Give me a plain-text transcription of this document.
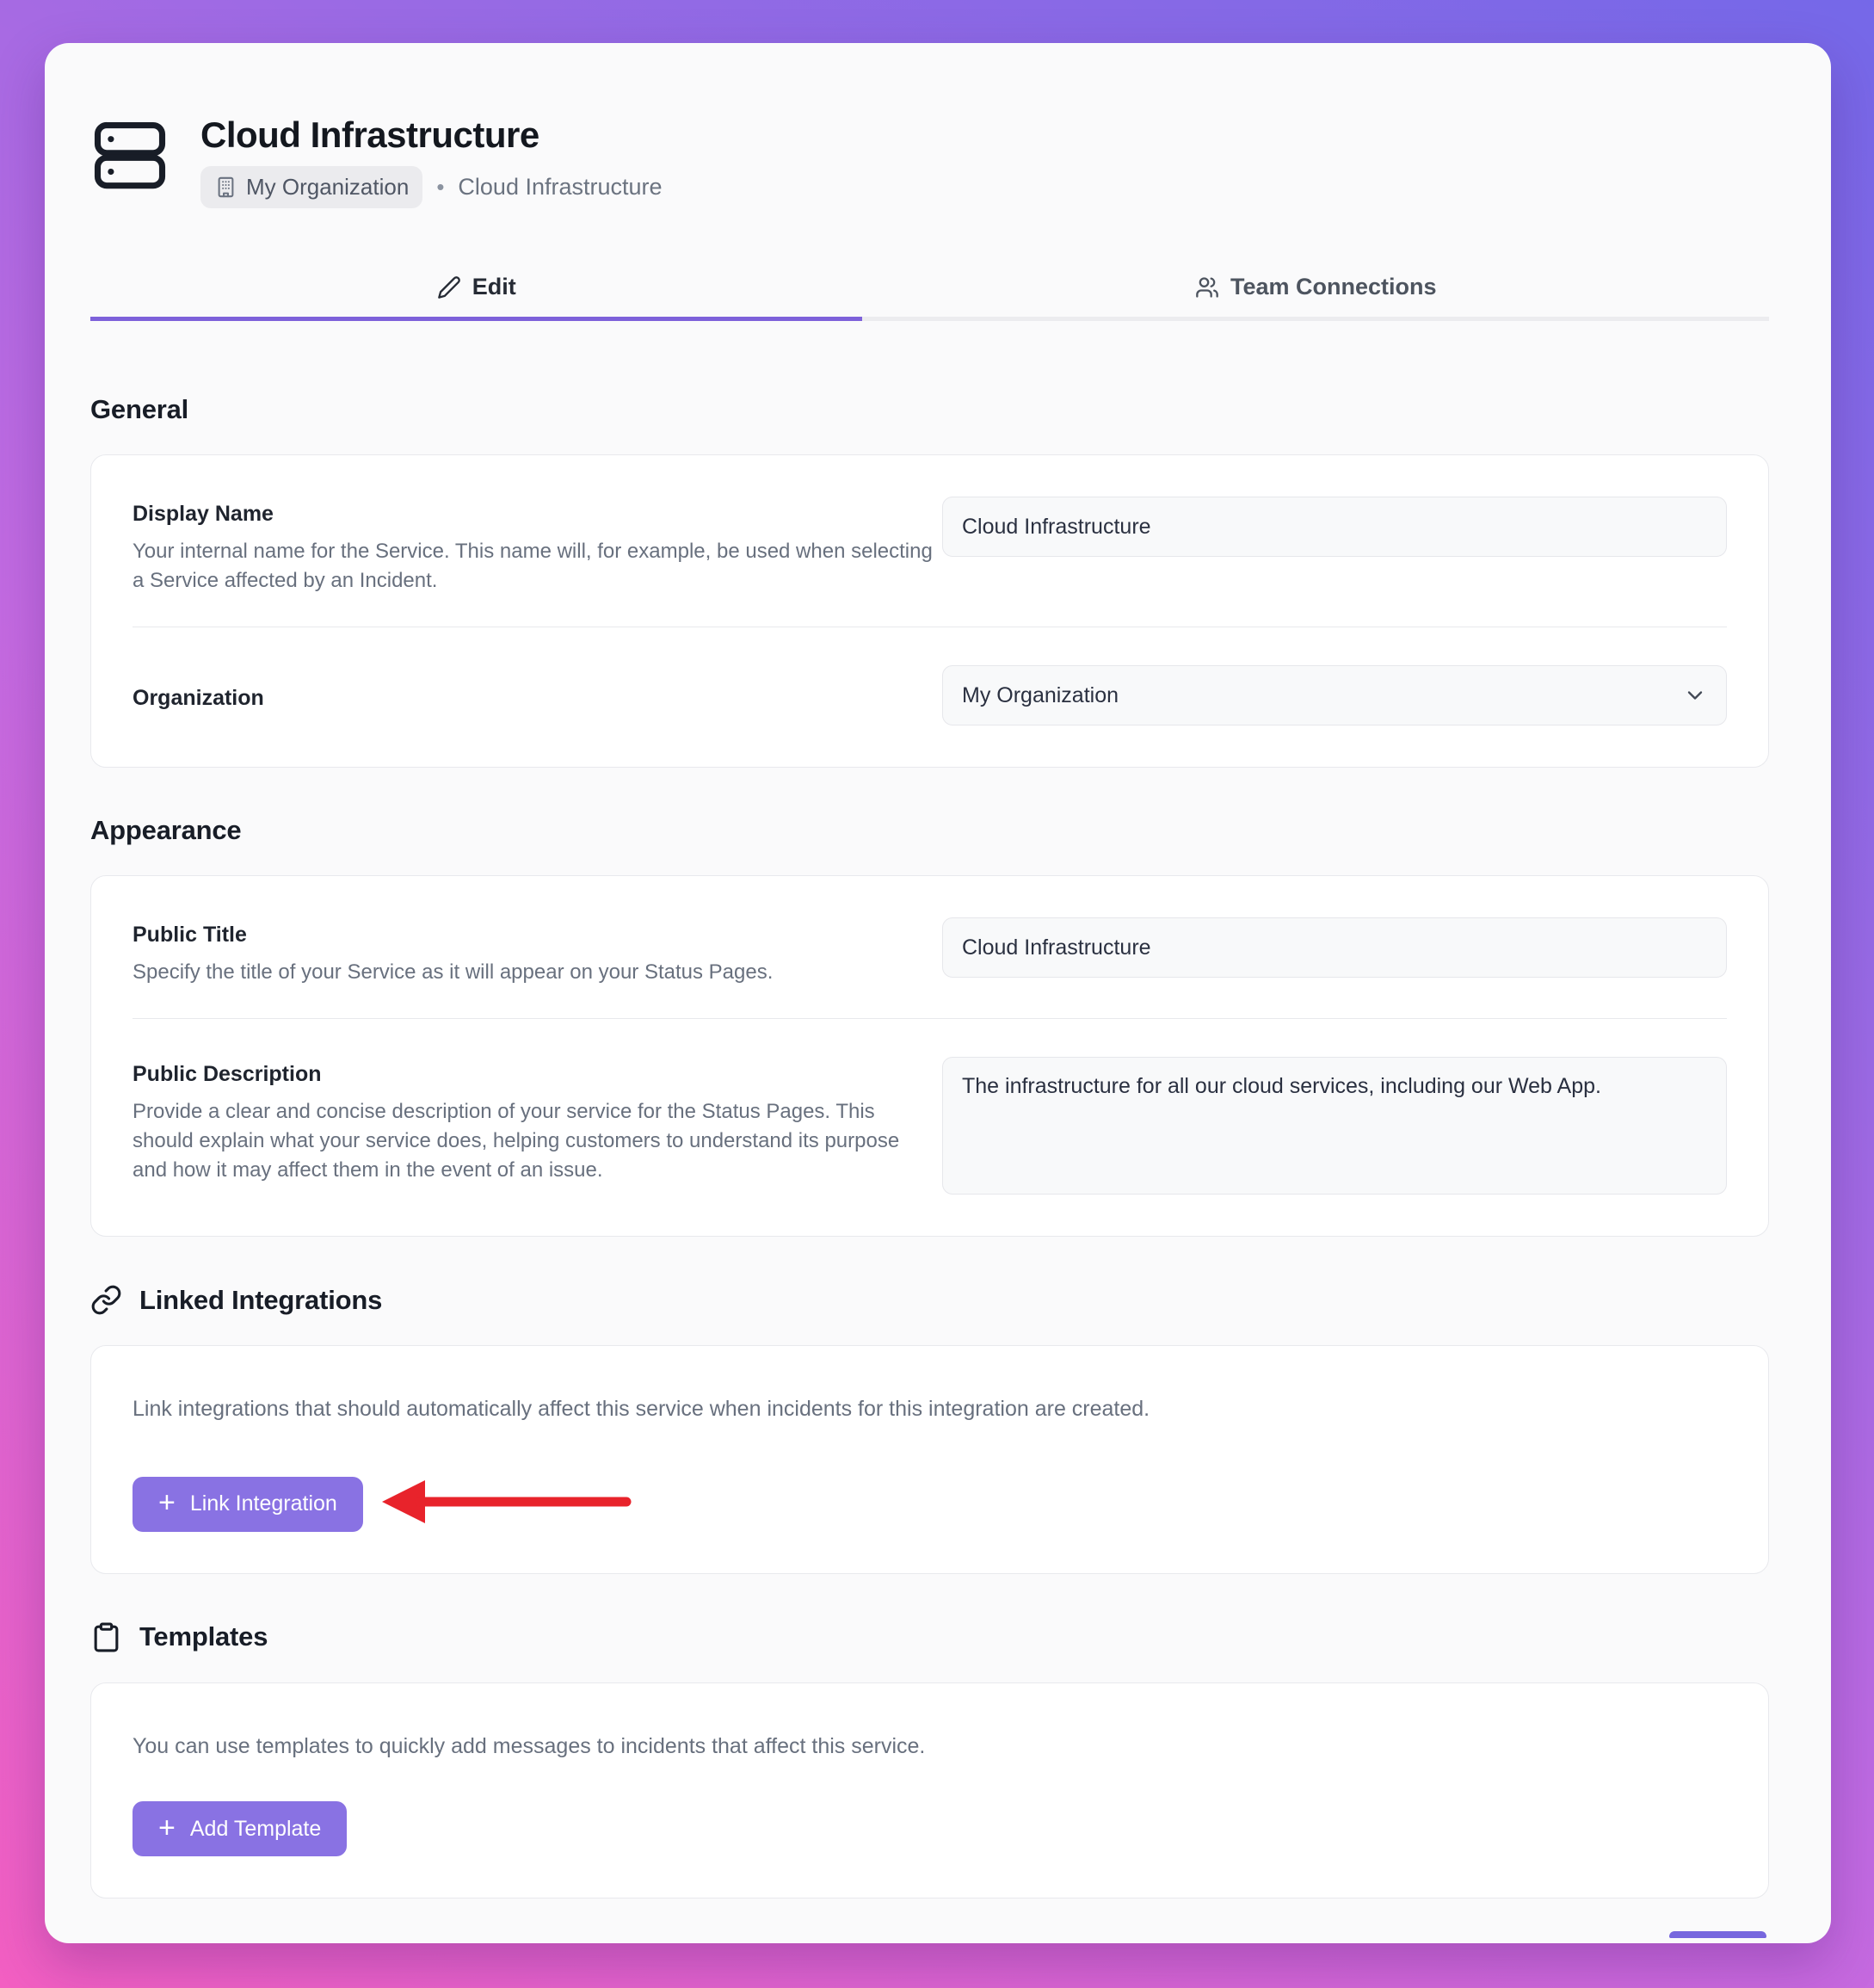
Cloud Infrastructure
My Organization • Cloud Infrastructure
Edit	Team Connections
General
Display Name
Your internal name for the Service. This name will, for example, be used when selecting a Service affected by an Incident.
Cloud Infrastructure
Organization	My Organization
Appearance
Public Title
Specify the title of your Service as it will appear on your Status Pages.
Cloud Infrastructure
Public Description
Provide a clear and concise description of your service for the Status Pages. This should explain what your service does, helping customers to understand its purpose and how it may affect them in the event of an issue.
The infrastructure for all our cloud services, including our Web App.
Linked Integrations
Link integrations that should automatically affect this service when incidents for this integration are created.
+ Link Integration
Templates
You can use templates to quickly add messages to incidents that affect this service.
+ Add Template
